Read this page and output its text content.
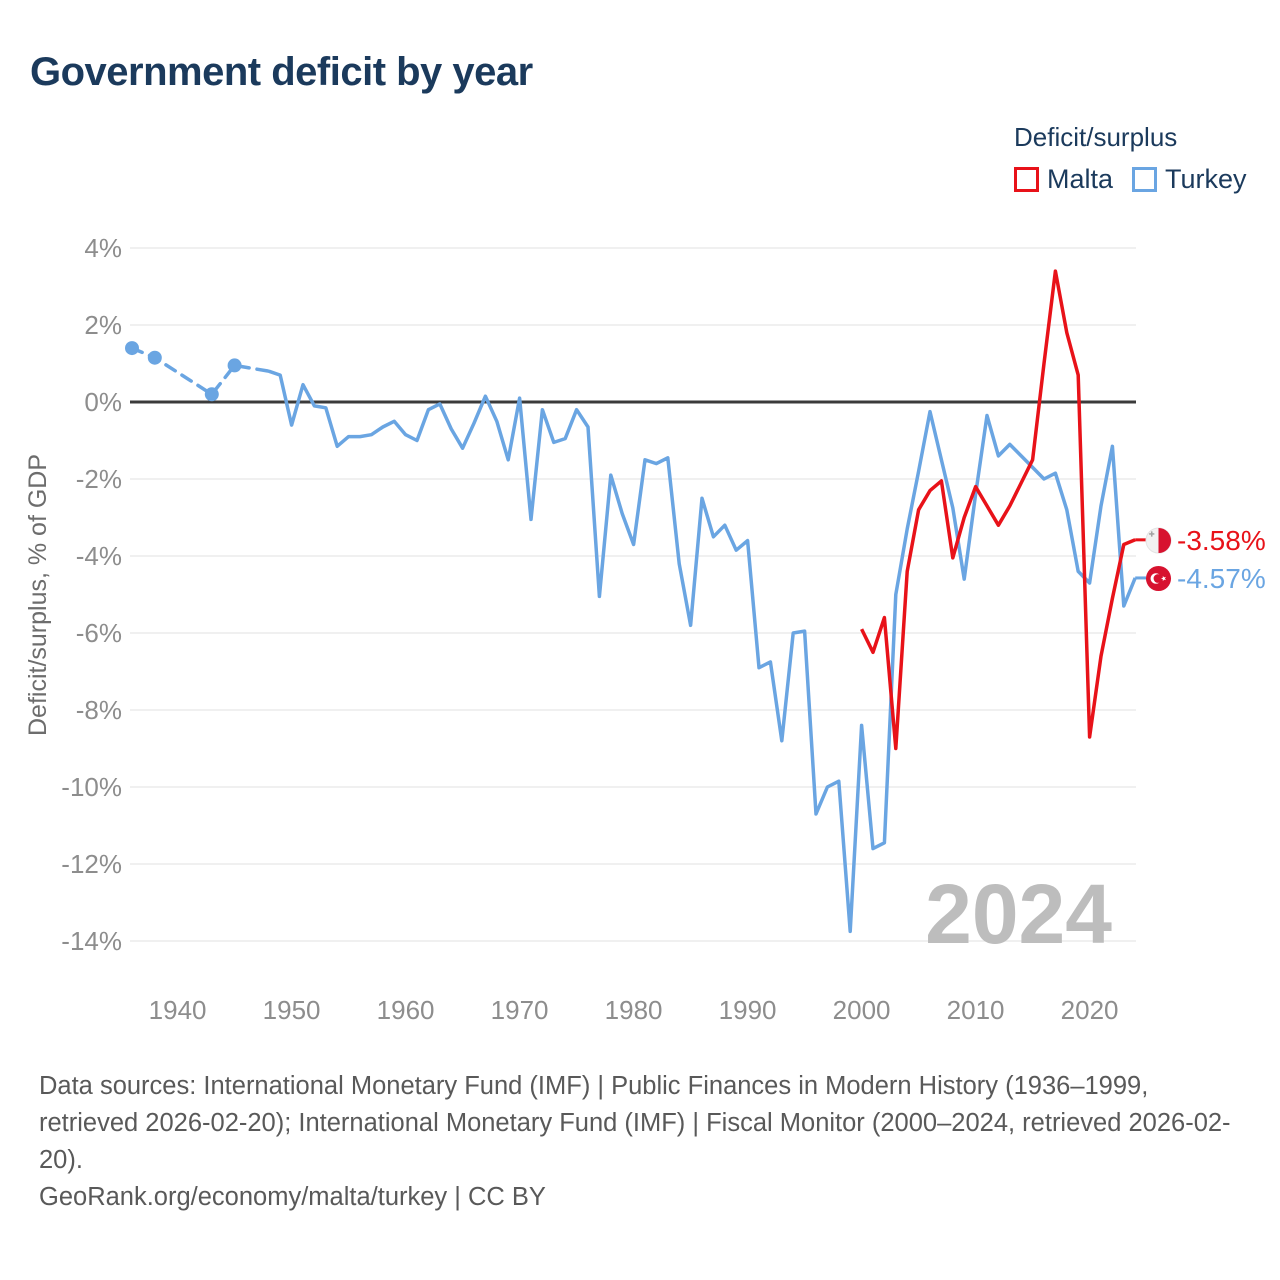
Government deficit by year
2024
4%
2%
0%
-2%
-4%
-6%
-8%
-10%
-12%
-14%
1940 1950 1960 1970 1980 1990 2000 2010 2020
Deficit/surplus, % of GDP
Deficit/surplus
Malta Turkey
-3.58%
-4.57%

Data sources: International Monetary Fund (IMF) | Public Finances in Modern History (1936–1999, retrieved 2026-02-20); International Monetary Fund (IMF) | Fiscal Monitor (2000–2024, retrieved 2026-02-20).

GeoRank.org/economy/malta/turkey | CC BY
